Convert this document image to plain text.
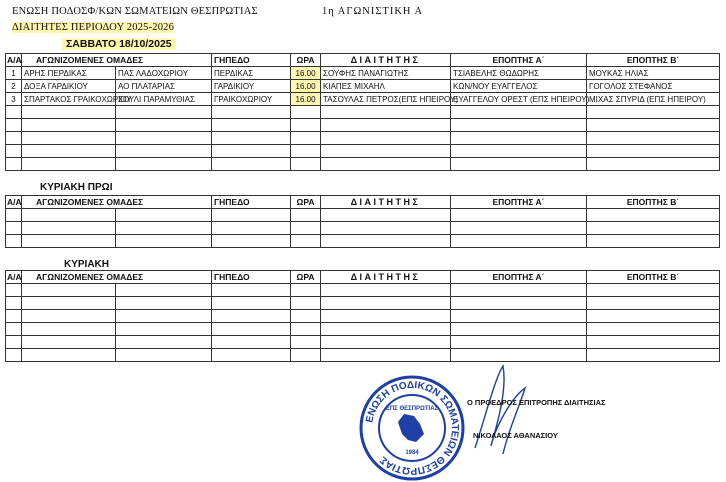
ΕΝΩΣΗ ΠΟΔΟΣΦ/ΚΩΝ ΣΩΜΑΤΕΙΩΝ ΘΕΣΠΡΩΤΙΑΣ	1η ΑΓΩΝΙΣΤΙΚΗ Α
ΔΙΑΙΤΗΤΕΣ ΠΕΡΙΟΔΟΥ 2025-2026
ΣΑΒΒΑΤΟ 18/10/2025
Α/Α	ΑΓΩΝΙΖΟΜΕΝΕΣ ΟΜΑΔΕΣ		ΓΗΠΕΔΟ	ΩΡΑ	ΔΙΑΙΤΗΤΗΣ	ΕΠΟΠΤΗΣ Α΄	ΕΠΟΠΤΗΣ Β΄
1	ΑΡΗΣ ΠΕΡΔΙΚΑΣ	ΠΑΣ ΛΑΔΟΧΩΡΙΟΥ	ΠΕΡΔΙΚΑΣ	16.00	ΣΟΥΦΗΣ ΠΑΝΑΓΙΩΤΗΣ	ΤΣΙΑΒΕΛΗΣ ΘΩΔΩΡΗΣ	ΜΟΥΚΑΣ ΗΛΙΑΣ
2	ΔΟΞΑ ΓΑΡΔΙΚΙΟΥ	ΑΟ ΠΛΑΤΑΡΙΑΣ	ΓΑΡΔΙΚΙΟΥ	16.00	ΚΙΑΠΕΣ ΜΙΧΑΗΛ	ΚΩΝ/ΝΟΥ ΕΥΑΓΓΕΛΟΣ	ΓΟΓΟΛΟΣ ΣΤΕΦΑΝΟΣ
3	ΣΠΑΡΤΑΚΟΣ ΓΡΑΙΚΟΧΩΡΙΟΥ	ΣΟΥΛΙ ΠΑΡΑΜΥΘΙΑΣ	ΓΡΑΙΚΟΧΩΡΙΟΥ	16.00	ΤΑΣΟΥΛΑΣ ΠΕΤΡΟΣ(ΕΠΣ ΗΠΕΙΡΟΥ)	ΕΥΑΓΓΕΛΟΥ ΟΡΕΣΤ (ΕΠΣ ΗΠΕΙΡΟΥ)	ΜΙΧΑΣ ΣΠΥΡΙΔ (ΕΠΣ ΗΠΕΙΡΟΥ)

ΚΥΡΙΑΚΗ ΠΡΩΙ
Α/Α	ΑΓΩΝΙΖΟΜΕΝΕΣ ΟΜΑΔΕΣ		ΓΗΠΕΔΟ	ΩΡΑ	ΔΙΑΙΤΗΤΗΣ	ΕΠΟΠΤΗΣ Α΄	ΕΠΟΠΤΗΣ Β΄

ΚΥΡΙΑΚΗ
Α/Α	ΑΓΩΝΙΖΟΜΕΝΕΣ ΟΜΑΔΕΣ		ΓΗΠΕΔΟ	ΩΡΑ	ΔΙΑΙΤΗΤΗΣ	ΕΠΟΠΤΗΣ Α΄	ΕΠΟΠΤΗΣ Β΄

ΕΝΩΣΗ ΠΟΔΙΚΩΝ ΣΩΜΑΤΕΙΩΝ ΘΕΣΠΡΩΤΙΑΣ
ΕΠΣ ΘΕΣΠΡΩΤΙΑΣ
1984
Ο ΠΡΟΕΔΡΟΣ ΕΠΙΤΡΟΠΗΣ ΔΙΑΙΤΗΣΙΑΣ
ΝΙΚΟΛΑΟΣ ΑΘΑΝΑΣΙΟΥ
